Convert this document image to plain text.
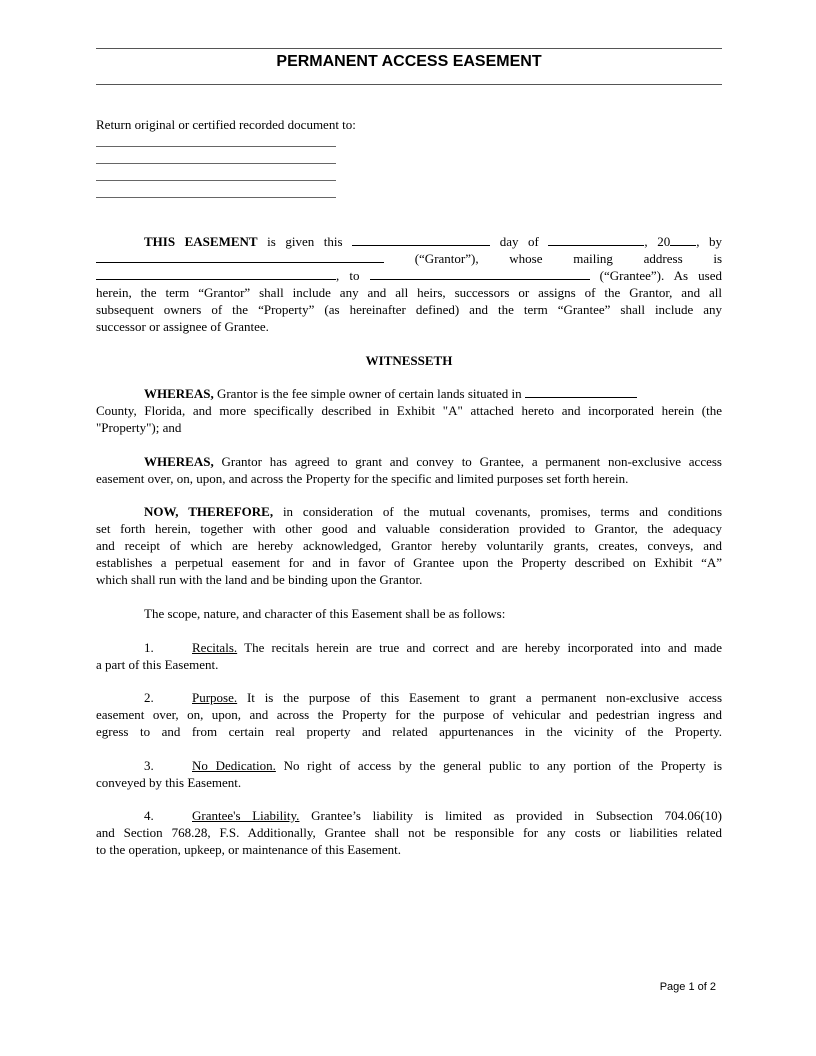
PERMANENT ACCESS EASEMENT
Return original or certified recorded document to:
THIS EASEMENT is given this	day of	, 20 , by
(“Grantor”), whose mailing address is
, to	(“Grantee”). As used
herein, the term “Grantor” shall include any and all heirs, successors or assigns of the Grantor, and all
subsequent owners of the “Property” (as hereinafter defined) and the term “Grantee” shall include any
successor or assignee of Grantee.
WITNESSETH
WHEREAS, Grantor is the fee simple owner of certain lands situated in
County, Florida, and more specifically described in Exhibit "A" attached hereto and incorporated herein (the
"Property"); and
WHEREAS, Grantor has agreed to grant and convey to Grantee, a permanent non-exclusive access
easement over, on, upon, and across the Property for the specific and limited purposes set forth herein.
NOW, THEREFORE, in consideration of the mutual covenants, promises, terms and conditions
set forth herein, together with other good and valuable consideration provided to Grantor, the adequacy
and receipt of which are hereby acknowledged, Grantor hereby voluntarily grants, creates, conveys, and
establishes a perpetual easement for and in favor of Grantee upon the Property described on Exhibit “A”
which shall run with the land and be binding upon the Grantor.
The scope, nature, and character of this Easement shall be as follows:
1.	Recitals. The recitals herein are true and correct and are hereby incorporated into and made
a part of this Easement.
2.	Purpose. It is the purpose of this Easement to grant a permanent non-exclusive access
easement over, on, upon, and across the Property for the purpose of vehicular and pedestrian ingress and
egress to and from certain real property and related appurtenances in the vicinity of the Property.
3.	No Dedication. No right of access by the general public to any portion of the Property is
conveyed by this Easement.
4.	Grantee's Liability. Grantee’s liability is limited as provided in Subsection 704.06(10)
and Section 768.28, F.S. Additionally, Grantee shall not be responsible for any costs or liabilities related
to the operation, upkeep, or maintenance of this Easement.
Page 1 of 2
